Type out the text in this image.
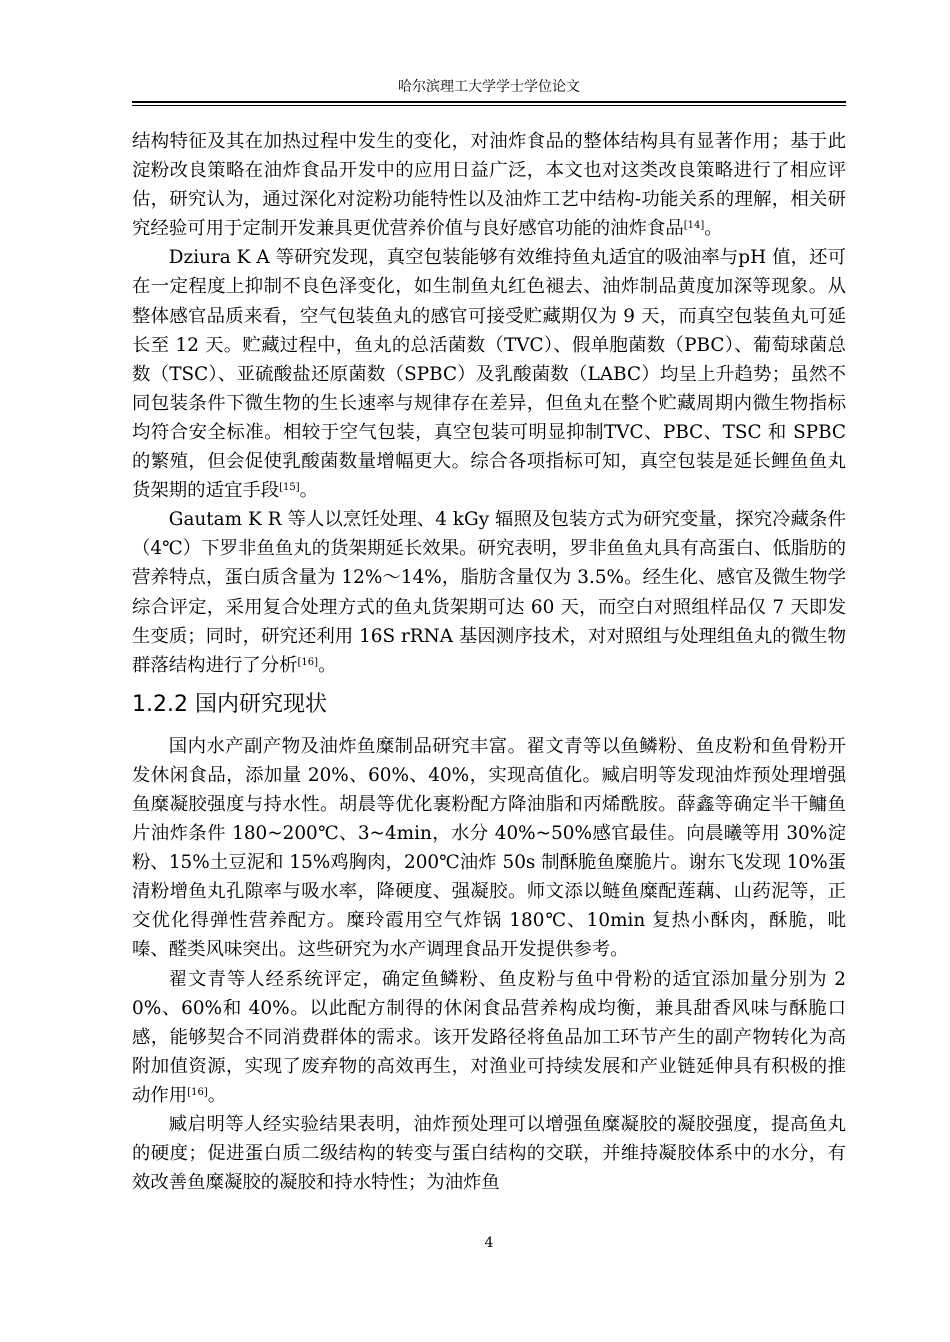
哈尔滨理工大学学士学位论文

结构特征及其在加热过程中发生的变化，对油炸食品的整体结构具有显著作用；基于此淀粉改良策略在油炸食品开发中的应用日益广泛，本文也对这类改良策略进行了相应评估，研究认为，通过深化对淀粉功能特性以及油炸工艺中结构-功能关系的理解，相关研究经验可用于定制开发兼具更优营养价值与良好感官功能的油炸食品[14]。

Dziura K A 等研究发现，真空包装能够有效维持鱼丸适宜的吸油率与pH 值，还可在一定程度上抑制不良色泽变化，如生制鱼丸红色褪去、油炸制品黄度加深等现象。从整体感官品质来看，空气包装鱼丸的感官可接受贮藏期仅为 9 天，而真空包装鱼丸可延长至 12 天。贮藏过程中，鱼丸的总活菌数（TVC）、假单胞菌数（PBC）、葡萄球菌总数（TSC）、亚硫酸盐还原菌数（SPBC）及乳酸菌数（LABC）均呈上升趋势；虽然不同包装条件下微生物的生长速率与规律存在差异，但鱼丸在整个贮藏周期内微生物指标均符合安全标准。相较于空气包装，真空包装可明显抑制TVC、PBC、TSC 和 SPBC 的繁殖，但会促使乳酸菌数量增幅更大。综合各项指标可知，真空包装是延长鲤鱼鱼丸货架期的适宜手段[15]。

Gautam K R 等人以烹饪处理、4 kGy 辐照及包装方式为研究变量，探究冷藏条件（4℃）下罗非鱼鱼丸的货架期延长效果。研究表明，罗非鱼鱼丸具有高蛋白、低脂肪的营养特点，蛋白质含量为 12%～14%，脂肪含量仅为 3.5%。经生化、感官及微生物学综合评定，采用复合处理方式的鱼丸货架期可达 60 天，而空白对照组样品仅 7 天即发生变质；同时，研究还利用 16S rRNA 基因测序技术，对对照组与处理组鱼丸的微生物群落结构进行了分析[16]。

1.2.2 国内研究现状

国内水产副产物及油炸鱼糜制品研究丰富。翟文青等以鱼鳞粉、鱼皮粉和鱼骨粉开发休闲食品，添加量 20%、60%、40%，实现高值化。臧启明等发现油炸预处理增强鱼糜凝胶强度与持水性。胡晨等优化裹粉配方降油脂和丙烯酰胺。薛鑫等确定半干鳙鱼片油炸条件 180~200℃、3~4min，水分 40%~50%感官最佳。向晨曦等用 30%淀粉、15%土豆泥和 15%鸡胸肉，200℃油炸 50s 制酥脆鱼糜脆片。谢东飞发现 10%蛋清粉增鱼丸孔隙率与吸水率，降硬度、强凝胶。师文添以鲢鱼糜配莲藕、山药泥等，正交优化得弹性营养配方。糜玲霞用空气炸锅 180℃、10min 复热小酥肉，酥脆，吡嗪、醛类风味突出。这些研究为水产调理食品开发提供参考。

翟文青等人经系统评定，确定鱼鳞粉、鱼皮粉与鱼中骨粉的适宜添加量分别为 20%、60%和 40%。以此配方制得的休闲食品营养构成均衡，兼具甜香风味与酥脆口感，能够契合不同消费群体的需求。该开发路径将鱼品加工环节产生的副产物转化为高附加值资源，实现了废弃物的高效再生，对渔业可持续发展和产业链延伸具有积极的推动作用[16]。

臧启明等人经实验结果表明，油炸预处理可以增强鱼糜凝胶的凝胶强度，提高鱼丸的硬度；促进蛋白质二级结构的转变与蛋白结构的交联，并维持凝胶体系中的水分，有效改善鱼糜凝胶的凝胶和持水特性；为油炸鱼

4
